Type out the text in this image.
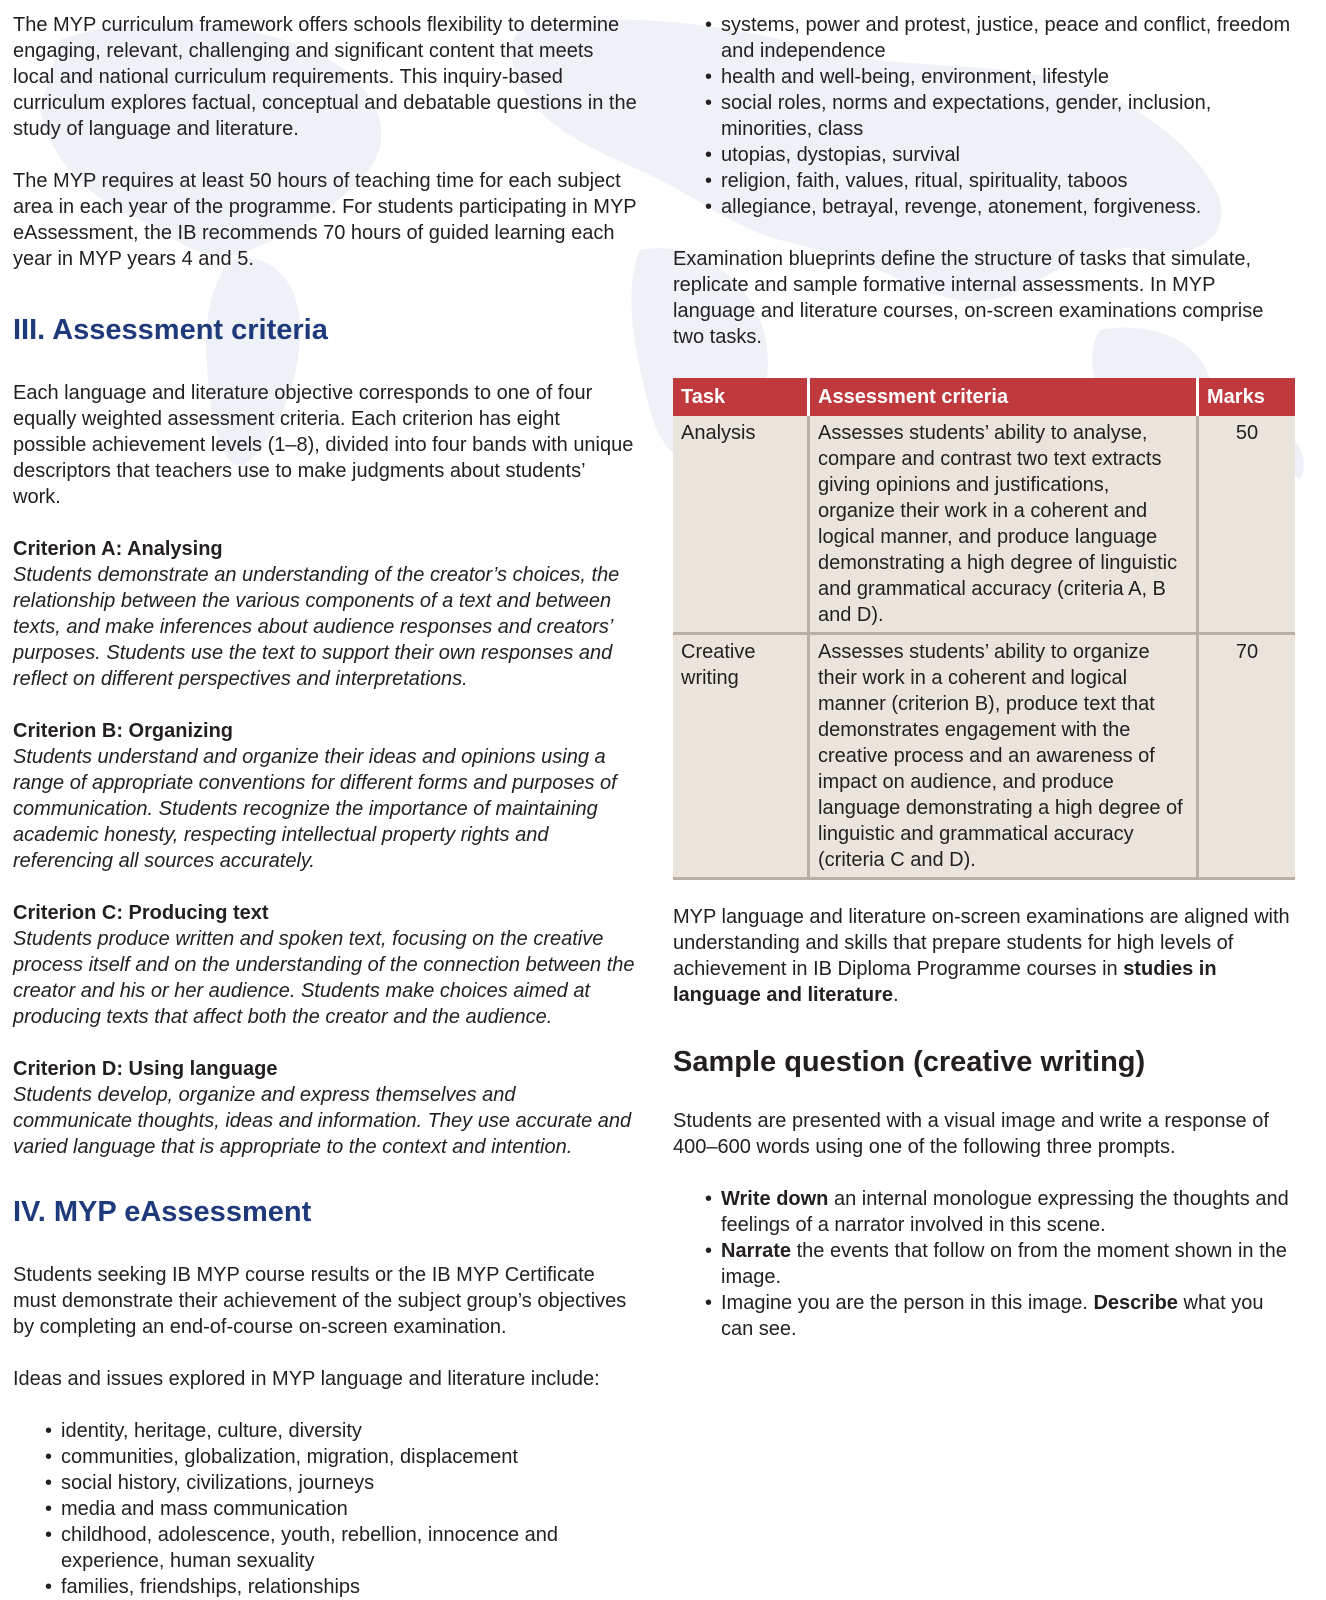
The MYP curriculum framework offers schools flexibility to determine engaging, relevant, challenging and significant content that meets local and national curriculum requirements. This inquiry-based curriculum explores factual, conceptual and debatable questions in the study of language and literature.

The MYP requires at least 50 hours of teaching time for each subject area in each year of the programme. For students participating in MYP eAssessment, the IB recommends 70 hours of guided learning each year in MYP years 4 and 5.

III. Assessment criteria

Each language and literature objective corresponds to one of four equally weighted assessment criteria. Each criterion has eight possible achievement levels (1–8), divided into four bands with unique descriptors that teachers use to make judgments about students’ work.

Criterion A: Analysing

Students demonstrate an understanding of the creator’s choices, the relationship between the various components of a text and between texts, and make inferences about audience responses and creators’ purposes. Students use the text to support their own responses and reflect on different perspectives and interpretations.

Criterion B: Organizing

Students understand and organize their ideas and opinions using a range of appropriate conventions for different forms and purposes of communication. Students recognize the importance of maintaining academic honesty, respecting intellectual property rights and referencing all sources accurately.

Criterion C: Producing text

Students produce written and spoken text, focusing on the creative process itself and on the understanding of the connection between the creator and his or her audience. Students make choices aimed at producing texts that affect both the creator and the audience.

Criterion D: Using language

Students develop, organize and express themselves and communicate thoughts, ideas and information. They use accurate and varied language that is appropriate to the context and intention.

IV. MYP eAssessment

Students seeking IB MYP course results or the IB MYP Certificate must demonstrate their achievement of the subject group’s objectives by completing an end-of-course on-screen examination.

Ideas and issues explored in MYP language and literature include:

• identity, heritage, culture, diversity
• communities, globalization, migration, displacement
• social history, civilizations, journeys
• media and mass communication
• childhood, adolescence, youth, rebellion, innocence and experience, human sexuality
• families, friendships, relationships
• systems, power and protest, justice, peace and conflict, freedom and independence
• health and well-being, environment, lifestyle
• social roles, norms and expectations, gender, inclusion, minorities, class
• utopias, dystopias, survival
• religion, faith, values, ritual, spirituality, taboos
• allegiance, betrayal, revenge, atonement, forgiveness.

Examination blueprints define the structure of tasks that simulate, replicate and sample formative internal assessments. In MYP language and literature courses, on-screen examinations comprise two tasks.

Task	Assessment criteria	Marks
Analysis	Assesses students’ ability to analyse, compare and contrast two text extracts giving opinions and justifications, organize their work in a coherent and logical manner, and produce language demonstrating a high degree of linguistic and grammatical accuracy (criteria A, B and D).	50
Creative writing	Assesses students’ ability to organize their work in a coherent and logical manner (criterion B), produce text that demonstrates engagement with the creative process and an awareness of impact on audience, and produce language demonstrating a high degree of linguistic and grammatical accuracy (criteria C and D).	70

MYP language and literature on-screen examinations are aligned with understanding and skills that prepare students for high levels of achievement in IB Diploma Programme courses in studies in language and literature.

Sample question (creative writing)

Students are presented with a visual image and write a response of 400–600 words using one of the following three prompts.

• Write down an internal monologue expressing the thoughts and feelings of a narrator involved in this scene.
• Narrate the events that follow on from the moment shown in the image.
• Imagine you are the person in this image. Describe what you can see.
